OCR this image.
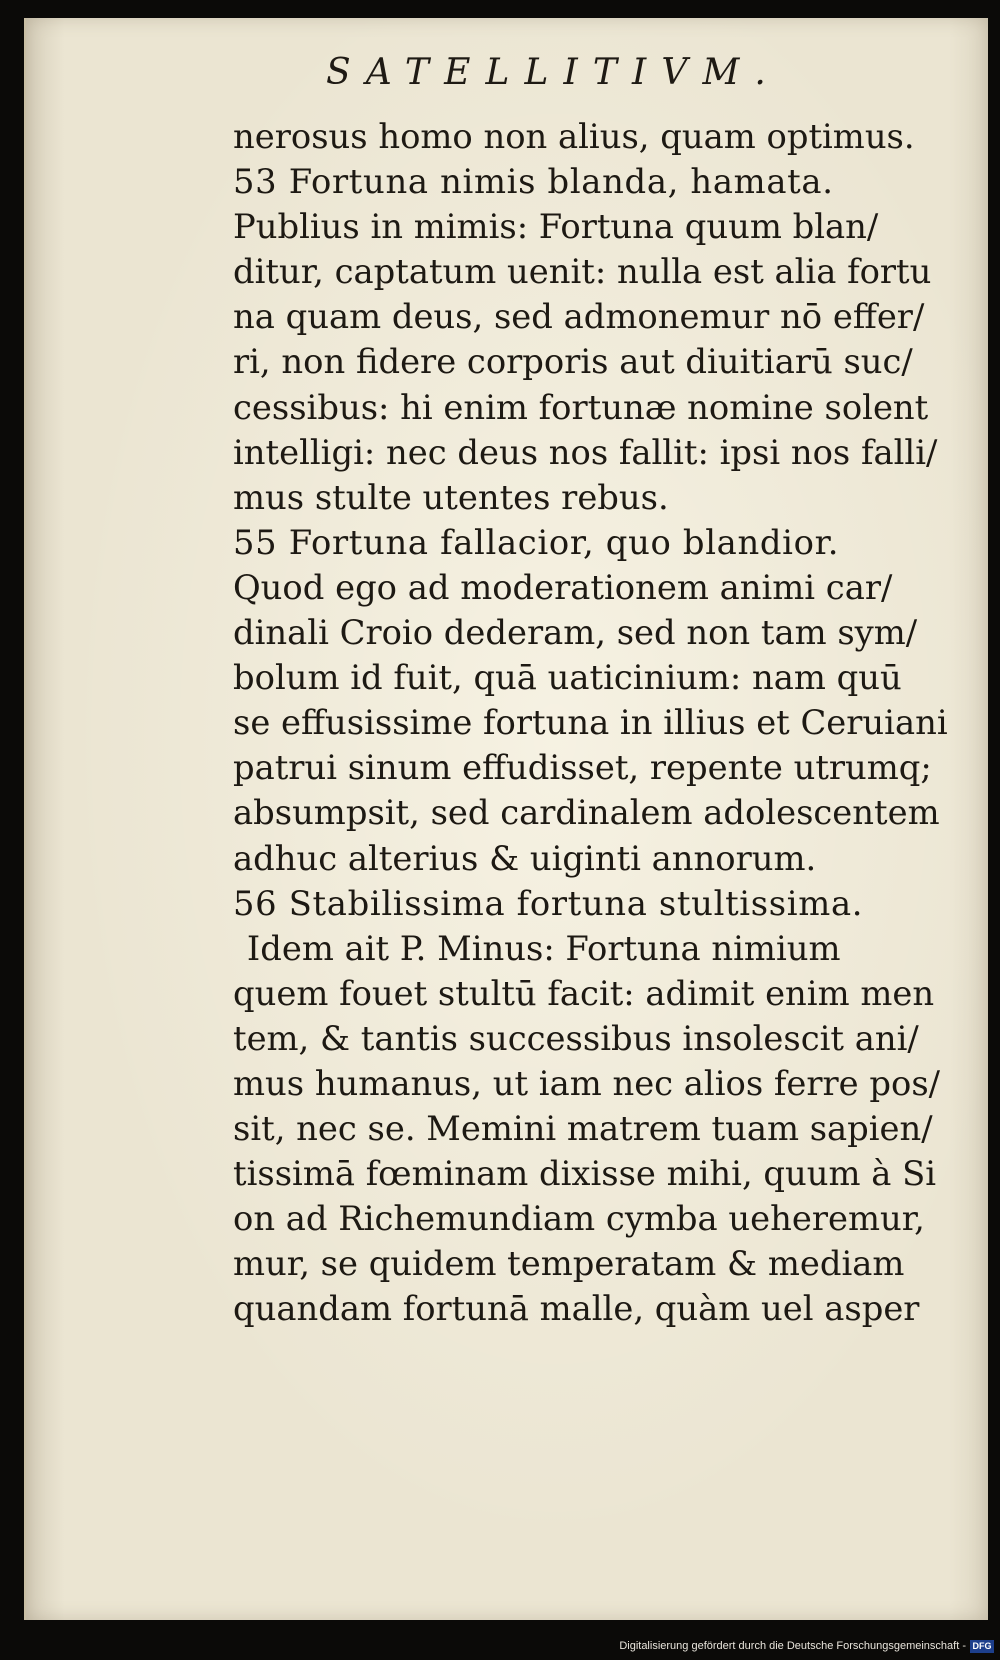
SATELLITIVM.
nerosus homo non alius, quam optimus.
53 Fortuna nimis blanda, hamata.
Publius in mimis: Fortuna quum blan/
ditur, captatum uenit: nulla est alia fortu
na quam deus, sed admonemur nō effer/
ri, non fidere corporis aut diuitiarū suc/
cessibus: hi enim fortunæ nomine solent
intelligi: nec deus nos fallit: ipsi nos falli/
mus stulte utentes rebus.
55 Fortuna fallacior, quo blandior.
Quod ego ad moderationem animi car/
dinali Croio dederam, sed non tam sym/
bolum id fuit, quā uaticinium: nam quū
se effusissime fortuna in illius et Ceruiani
patrui sinum effudisset, repente utrumq;
absumpsit, sed cardinalem adolescentem
adhuc alterius & uiginti annorum.
56 Stabilissima fortuna stultissima.
Idem ait P. Minus: Fortuna nimium
quem fouet stultū facit: adimit enim men
tem, & tantis successibus insolescit ani/
mus humanus, ut iam nec alios ferre pos/
sit, nec se. Memini matrem tuam sapien/
tissimā fœminam dixisse mihi, quum à Si
on ad Richemundiam cymba ueheremur,
mur, se quidem temperatam & mediam
quandam fortunā malle, quàm uel asper
Digitalisierung gefördert durch die Deutsche Forschungsgemeinschaft - DFG
